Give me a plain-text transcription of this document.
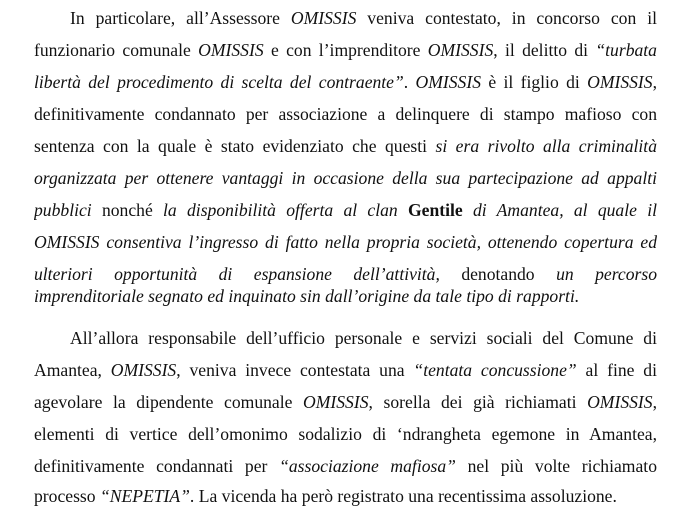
In particolare, all’Assessore OMISSIS veniva contestato, in concorso con il
funzionario comunale OMISSIS e con l’imprenditore OMISSIS, il delitto di “turbata
libertà del procedimento di scelta del contraente”. OMISSIS è il figlio di OMISSIS,
definitivamente condannato per associazione a delinquere di stampo mafioso con
sentenza con la quale è stato evidenziato che questi si era rivolto alla criminalità
organizzata per ottenere vantaggi in occasione della sua partecipazione ad appalti
pubblici nonché la disponibilità offerta al clan Gentile di Amantea, al quale il
OMISSIS consentiva l’ingresso di fatto nella propria società, ottenendo copertura ed
ulteriori opportunità di espansione dell’attività, denotando un percorso
imprenditoriale segnato ed inquinato sin dall’origine da tale tipo di rapporti.
All’allora responsabile dell’ufficio personale e servizi sociali del Comune di
Amantea, OMISSIS, veniva invece contestata una “tentata concussione” al fine di
agevolare la dipendente comunale OMISSIS, sorella dei già richiamati OMISSIS,
elementi di vertice dell’omonimo sodalizio di ‘ndrangheta egemone in Amantea,
definitivamente condannati per “associazione mafiosa” nel più volte richiamato
processo “NEPETIA”. La vicenda ha però registrato una recentissima assoluzione.
